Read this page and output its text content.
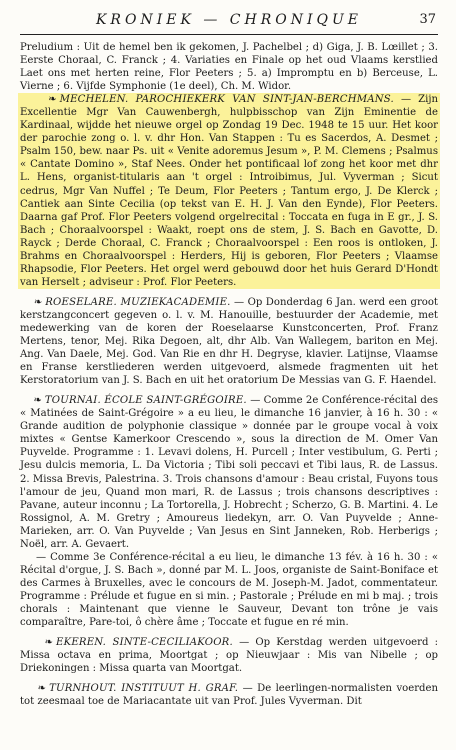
KRONIEK — CHRONIQUE	37

Preludium : Uit de hemel ben ik gekomen, J. Pachelbel ; d) Giga, J. B. Lœillet ; 3. Eerste Choraal, C. Franck ; 4. Variaties en Finale op het oud Vlaams kerstlied Laet ons met herten reine, Flor Peeters ; 5. a) Impromptu en b) Berceuse, L. Vierne ; 6. Vijfde Symphonie (1e deel), Ch. M. Widor.

❧ MECHELEN. PAROCHIEKERK VAN SINT-JAN-BERCHMANS. — Zijn Excellentie Mgr Van Cauwenbergh, hulpbisschop van Zijn Eminentie de Kardinaal, wijdde het nieuwe orgel op Zondag 19 Dec. 1948 te 15 uur. Het koor der parochie zong o. l. v. dhr Hon. Van Stappen : Tu es Sacerdos, A. Desmet ; Psalm 150, bew. naar Ps. uit « Venite adoremus Jesum », P. M. Clemens ; Psalmus « Cantate Domino », Staf Nees. Onder het pontificaal lof zong het koor met dhr L. Hens, organist-titularis aan 't orgel : Introibimus, Jul. Vyverman ; Sicut cedrus, Mgr Van Nuffel ; Te Deum, Flor Peeters ; Tantum ergo, J. De Klerck ; Cantiek aan Sinte Cecilia (op tekst van E. H. J. Van den Eynde), Flor Peeters. Daarna gaf Prof. Flor Peeters volgend orgelrecital : Toccata en fuga in E gr., J. S. Bach ; Choraalvoorspel : Waakt, roept ons de stem, J. S. Bach en Gavotte, D. Rayck ; Derde Choraal, C. Franck ; Choraalvoorspel : Een roos is ontloken, J. Brahms en Choraalvoorspel : Herders, Hij is geboren, Flor Peeters ; Vlaamse Rhapsodie, Flor Peeters. Het orgel werd gebouwd door het huis Gerard D'Hondt van Herselt ; adviseur : Prof. Flor Peeters.

❧ ROESELARE. MUZIEKACADEMIE. — Op Donderdag 6 Jan. werd een groot kerstzangconcert gegeven o. l. v. M. Hanouille, bestuurder der Academie, met medewerking van de koren der Roeselaarse Kunstconcerten, Prof. Franz Mertens, tenor, Mej. Rika Degoen, alt, dhr Alb. Van Wallegem, bariton en Mej. Ang. Van Daele, Mej. God. Van Rie en dhr H. Degryse, klavier. Latijnse, Vlaamse en Franse kerstliederen werden uitgevoerd, alsmede fragmenten uit het Kerstoratorium van J. S. Bach en uit het oratorium De Messias van G. F. Haendel.

❧ TOURNAI. ÉCOLE SAINT-GRÉGOIRE. — Comme 2e Conférence-récital des « Matinées de Saint-Grégoire » a eu lieu, le dimanche 16 janvier, à 16 h. 30 : « Grande audition de polyphonie classique » donnée par le groupe vocal à voix mixtes « Gentse Kamerkoor Crescendo », sous la direction de M. Omer Van Puyvelde. Programme : 1. Levavi dolens, H. Purcell ; Inter vestibulum, G. Perti ; Jesu dulcis memoria, L. Da Victoria ; Tibi soli peccavi et Tibi laus, R. de Lassus. 2. Missa Brevis, Palestrina. 3. Trois chansons d'amour : Beau cristal, Fuyons tous l'amour de jeu, Quand mon mari, R. de Lassus ; trois chansons descriptives : Pavane, auteur inconnu ; La Tortorella, J. Hobrecht ; Scherzo, G. B. Martini. 4. Le Rossignol, A. M. Gretry ; Amoureus liedekyn, arr. O. Van Puyvelde ; Anne-Marieken, arr. O. Van Puyvelde ; Van Jesus en Sint Janneken, Rob. Herberigs ; Noël, arr. A. Gevaert.

— Comme 3e Conférence-récital a eu lieu, le dimanche 13 fév. à 16 h. 30 : « Récital d'orgue, J. S. Bach », donné par M. L. Joos, organiste de Saint-Boniface et des Carmes à Bruxelles, avec le concours de M. Joseph-M. Jadot, commentateur. Programme : Prélude et fugue en si min. ; Pastorale ; Prélude en mi b maj. ; trois chorals : Maintenant que vienne le Sauveur, Devant ton trône je vais comparaître, Pare-toi, ô chère âme ; Toccate et fugue en ré min.

❧ EKEREN. SINTE-CECILIAKOOR. — Op Kerstdag werden uitgevoerd : Missa octava en prima, Moortgat ; op Nieuwjaar : Mis van Nibelle ; op Driekoningen : Missa quarta van Moortgat.

❧ TURNHOUT. INSTITUUT H. GRAF. — De leerlingen-normalisten voerden tot zeesmaal toe de Mariacantate uit van Prof. Jules Vyverman. Dit
